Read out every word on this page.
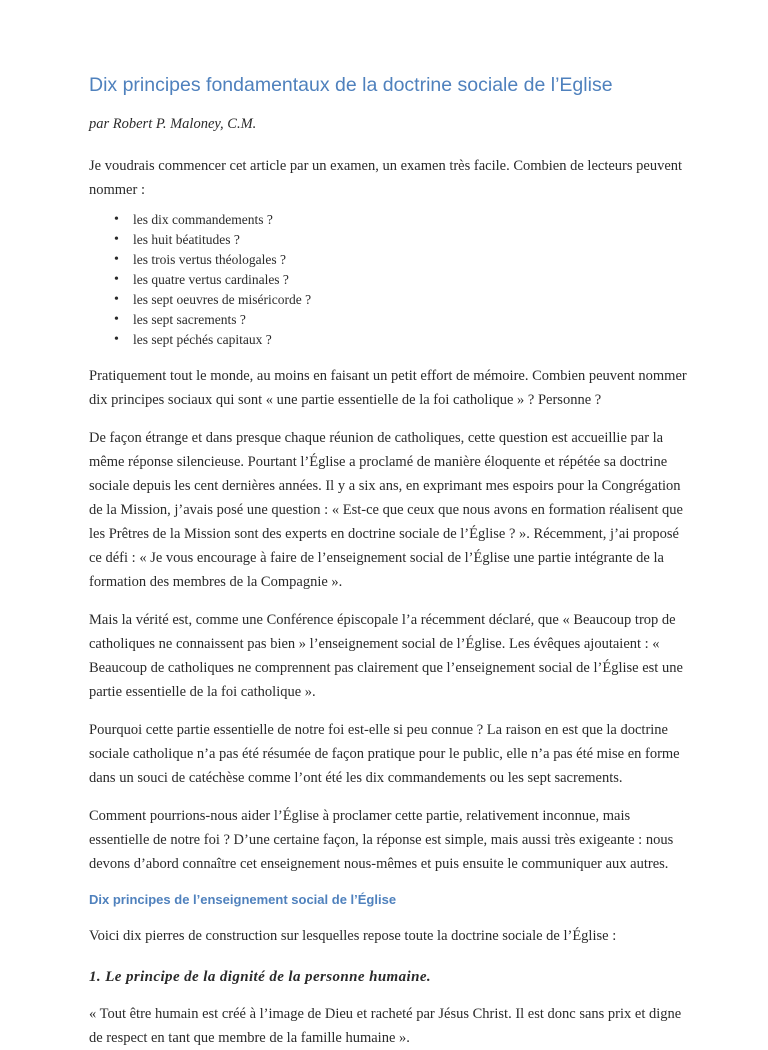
Dix principes fondamentaux de la doctrine sociale de l’Eglise

par Robert P. Maloney, C.M.

Je voudrais commencer cet article par un examen, un examen très facile. Combien de lecteurs peuvent nommer :

• les dix commandements ?
• les huit béatitudes ?
• les trois vertus théologales ?
• les quatre vertus cardinales ?
• les sept oeuvres de miséricorde ?
• les sept sacrements ?
• les sept péchés capitaux ?

Pratiquement tout le monde, au moins en faisant un petit effort de mémoire. Combien peuvent nommer dix principes sociaux qui sont « une partie essentielle de la foi catholique » ? Personne ?

De façon étrange et dans presque chaque réunion de catholiques, cette question est accueillie par la même réponse silencieuse. Pourtant l’Église a proclamé de manière éloquente et répétée sa doctrine sociale depuis les cent dernières années. Il y a six ans, en exprimant mes espoirs pour la Congrégation de la Mission, j’avais posé une question : « Est-ce que ceux que nous avons en formation réalisent que les Prêtres de la Mission sont des experts en doctrine sociale de l’Église ? ». Récemment, j’ai proposé ce défi : « Je vous encourage à faire de l’enseignement social de l’Église une partie intégrante de la formation des membres de la Compagnie ».

Mais la vérité est, comme une Conférence épiscopale l’a récemment déclaré, que « Beaucoup trop de catholiques ne connaissent pas bien » l’enseignement social de l’Église. Les évêques ajoutaient : « Beaucoup de catholiques ne comprennent pas clairement que l’enseignement social de l’Église est une partie essentielle de la foi catholique ».

Pourquoi cette partie essentielle de notre foi est-elle si peu connue ? La raison en est que la doctrine sociale catholique n’a pas été résumée de façon pratique pour le public, elle n’a pas été mise en forme dans un souci de catéchèse comme l’ont été les dix commandements ou les sept sacrements.

Comment pourrions-nous aider l’Église à proclamer cette partie, relativement inconnue, mais essentielle de notre foi ? D’une certaine façon, la réponse est simple, mais aussi très exigeante : nous devons d’abord connaître cet enseignement nous-mêmes et puis ensuite le communiquer aux autres.

Dix principes de l’enseignement social de l’Église

Voici dix pierres de construction sur lesquelles repose toute la doctrine sociale de l’Église :

1. Le principe de la dignité de la personne humaine.

« Tout être humain est créé à l’image de Dieu et racheté par Jésus Christ. Il est donc sans prix et digne de respect en tant que membre de la famille humaine ».
